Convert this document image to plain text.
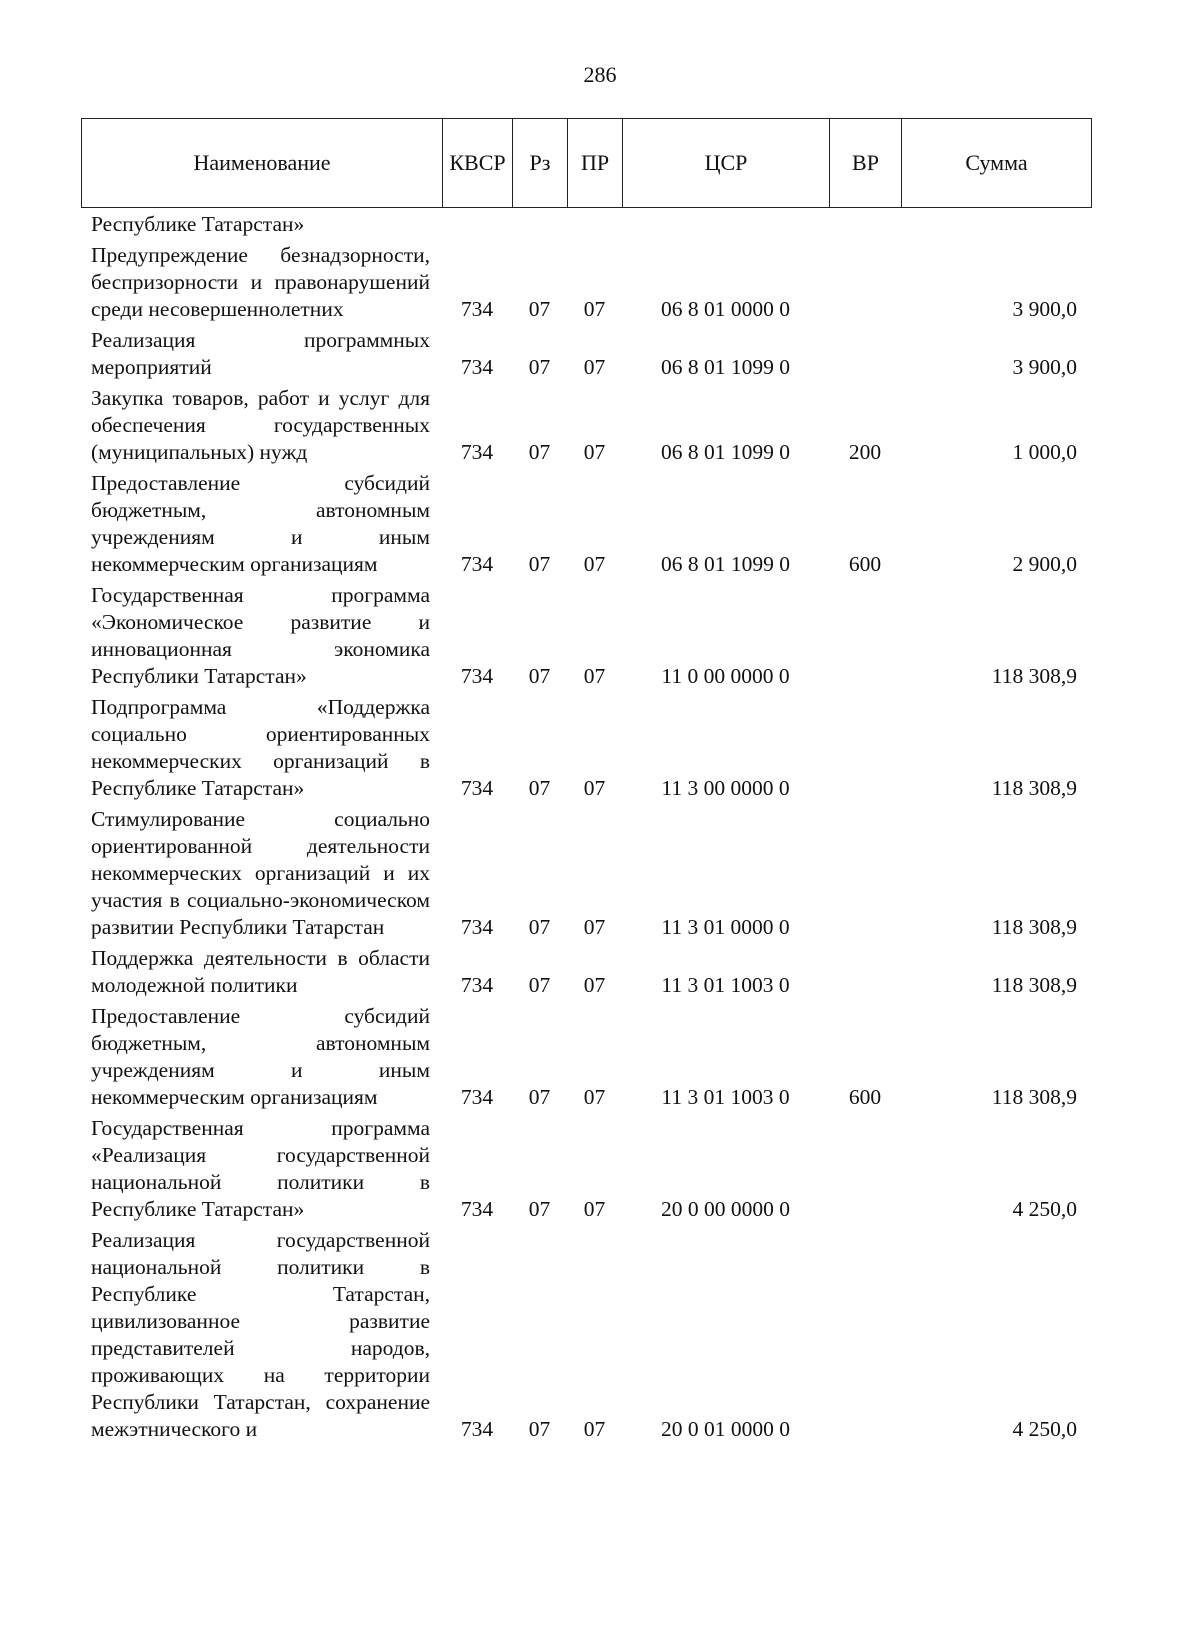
286
Наименование	КВСР	Рз	ПР	ЦСР	ВР	Сумма
Республике Татарстан»						
Предупреждение безнадзорности, беспризорности и правонарушений среди несовершеннолетних	734	07	07	06 8 01 0000 0		3 900,0
Реализация программных мероприятий	734	07	07	06 8 01 1099 0		3 900,0
Закупка товаров, работ и услуг для обеспечения государственных (муниципальных) нужд	734	07	07	06 8 01 1099 0	200	1 000,0
Предоставление субсидий бюджетным, автономным учреждениям и иным некоммерческим организациям	734	07	07	06 8 01 1099 0	600	2 900,0
Государственная программа «Экономическое развитие и инновационная экономика Республики Татарстан»	734	07	07	11 0 00 0000 0		118 308,9
Подпрограмма «Поддержка социально ориентированных некоммерческих организаций в Республике Татарстан»	734	07	07	11 3 00 0000 0		118 308,9
Стимулирование социально ориентированной деятельности некоммерческих организаций и их участия в социально-экономическом развитии Республики Татарстан	734	07	07	11 3 01 0000 0		118 308,9
Поддержка деятельности в области молодежной политики	734	07	07	11 3 01 1003 0		118 308,9
Предоставление субсидий бюджетным, автономным учреждениям и иным некоммерческим организациям	734	07	07	11 3 01 1003 0	600	118 308,9
Государственная программа «Реализация государственной национальной политики в Республике Татарстан»	734	07	07	20 0 00 0000 0		4 250,0
Реализация государственной национальной политики в Республике Татарстан, цивилизованное развитие представителей народов, проживающих на территории Республики Татарстан, сохранение межэтнического и	734	07	07	20 0 01 0000 0		4 250,0
